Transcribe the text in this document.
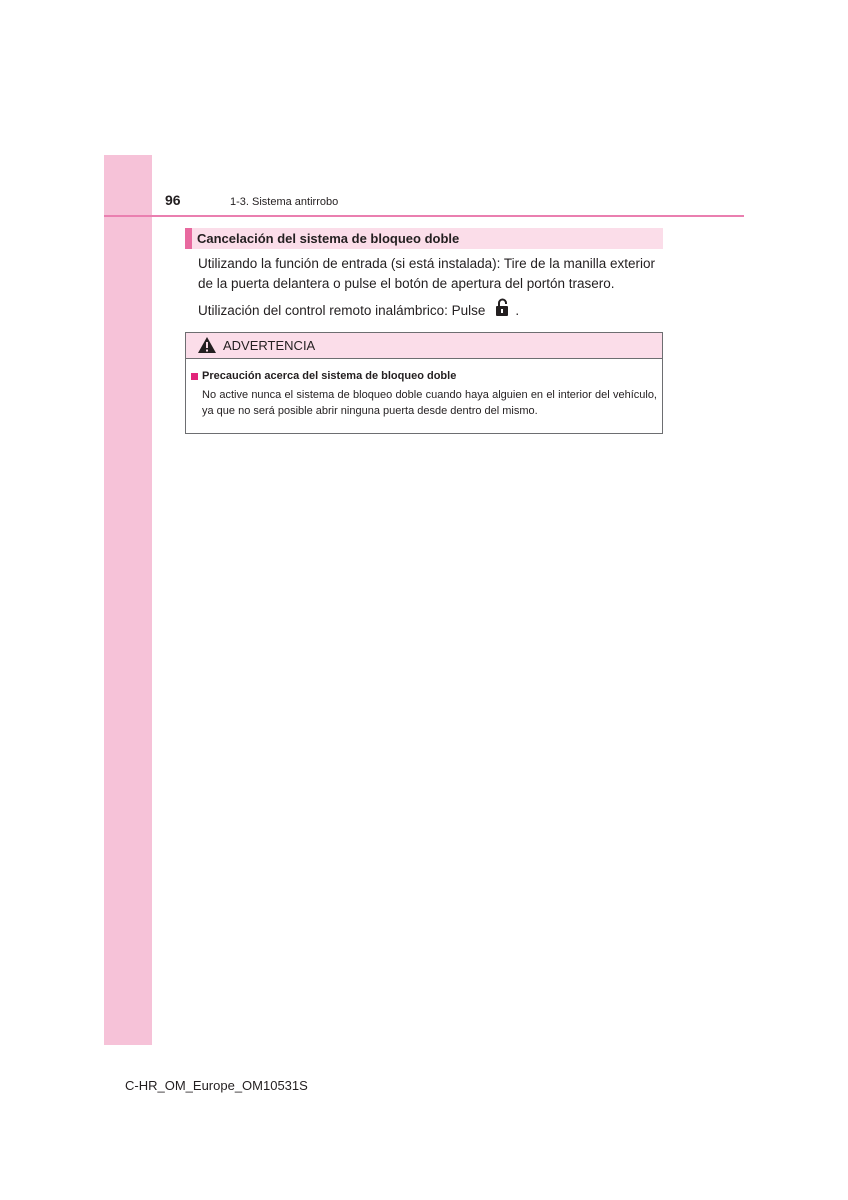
96	1-3. Sistema antirrobo
Cancelación del sistema de bloqueo doble
Utilizando la función de entrada (si está instalada): Tire de la manilla exterior de la puerta delantera o pulse el botón de apertura del portón trasero.
Utilización del control remoto inalámbrico: Pulse .
ADVERTENCIA
Precaución acerca del sistema de bloqueo doble
No active nunca el sistema de bloqueo doble cuando haya alguien en el interior del vehículo, ya que no será posible abrir ninguna puerta desde dentro del mismo.
C-HR_OM_Europe_OM10531S
